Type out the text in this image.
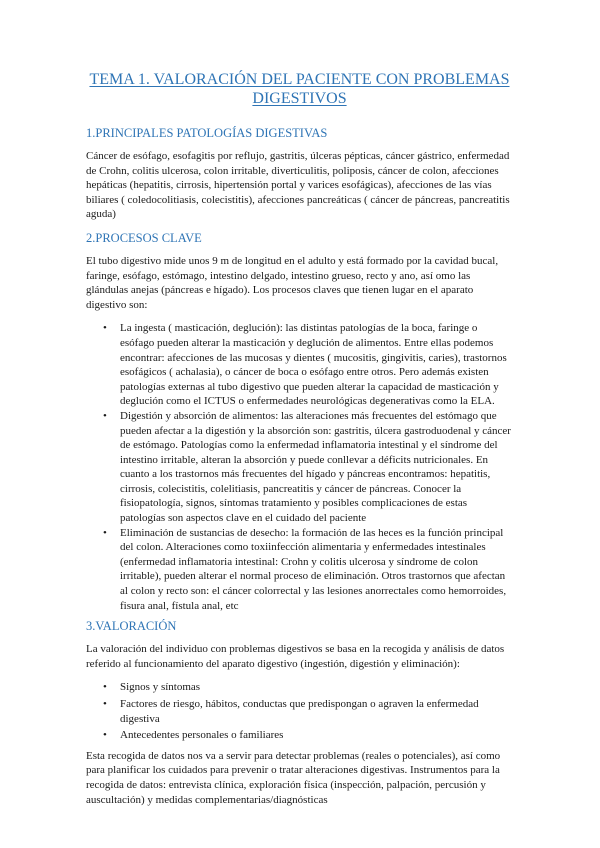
TEMA 1. VALORACIÓN DEL PACIENTE CON PROBLEMAS DIGESTIVOS
1.PRINCIPALES PATOLOGÍAS DIGESTIVAS

Cáncer de esófago, esofagitis por reflujo, gastritis, úlceras pépticas, cáncer gástrico, enfermedad de Crohn, colitis ulcerosa, colon irritable, diverticulitis, poliposis, cáncer de colon, afecciones hepáticas (hepatitis, cirrosis, hipertensión portal y varices esofágicas), afecciones de las vías biliares ( coledocolitiasis, colecistitis), afecciones pancreáticas ( cáncer de páncreas, pancreatitis aguda)

2.PROCESOS CLAVE

El tubo digestivo mide unos 9 m de longitud en el adulto y está formado por la cavidad bucal, faringe, esófago, estómago, intestino delgado, intestino grueso, recto y ano, así omo las glándulas anejas (páncreas e hígado). Los procesos claves que tienen lugar en el aparato digestivo son:

• La ingesta ( masticación, deglución): las distintas patologías de la boca, faringe o esófago pueden alterar la masticación y deglución de alimentos. Entre ellas podemos encontrar: afecciones de las mucosas y dientes ( mucositis, gingivitis, caries), trastornos esofágicos ( achalasia), o cáncer de boca o esófago entre otros. Pero además existen patologías externas al tubo digestivo que pueden alterar la capacidad de masticación y deglución como el ICTUS o enfermedades neurológicas degenerativas como la ELA.
• Digestión y absorción de alimentos: las alteraciones más frecuentes del estómago que pueden afectar a la digestión y la absorción son: gastritis, úlcera gastroduodenal y cáncer de estómago. Patologías como la enfermedad inflamatoria intestinal y el síndrome del intestino irritable, alteran la absorción y puede conllevar a déficits nutricionales. En cuanto a los trastornos más frecuentes del hígado y páncreas encontramos: hepatitis, cirrosis, colecistitis, colelitiasis, pancreatitis y cáncer de páncreas. Conocer la fisiopatología, signos, síntomas tratamiento y posibles complicaciones de estas patologías son aspectos clave en el cuidado del paciente
• Eliminación de sustancias de desecho: la formación de las heces es la función principal del colon. Alteraciones como toxiinfección alimentaria y enfermedades intestinales (enfermedad inflamatoria intestinal: Crohn y colitis ulcerosa y síndrome de colon irritable), pueden alterar el normal proceso de eliminación. Otros trastornos que afectan al colon y recto son: el cáncer colorrectal y las lesiones anorrectales como hemorroides, fisura anal, fístula anal, etc
3.VALORACIÓN

La valoración del individuo con problemas digestivos se basa en la recogida y análisis de datos referido al funcionamiento del aparato digestivo (ingestión, digestión y eliminación):

• Signos y síntomas
• Factores de riesgo, hábitos, conductas que predispongan o agraven la enfermedad digestiva
• Antecedentes personales o familiares

Esta recogida de datos nos va a servir para detectar problemas (reales o potenciales), así como para planificar los cuidados para prevenir o tratar alteraciones digestivas. Instrumentos para la recogida de datos: entrevista clínica, exploración física (inspección, palpación, percusión y auscultación) y medidas complementarias/diagnósticas
